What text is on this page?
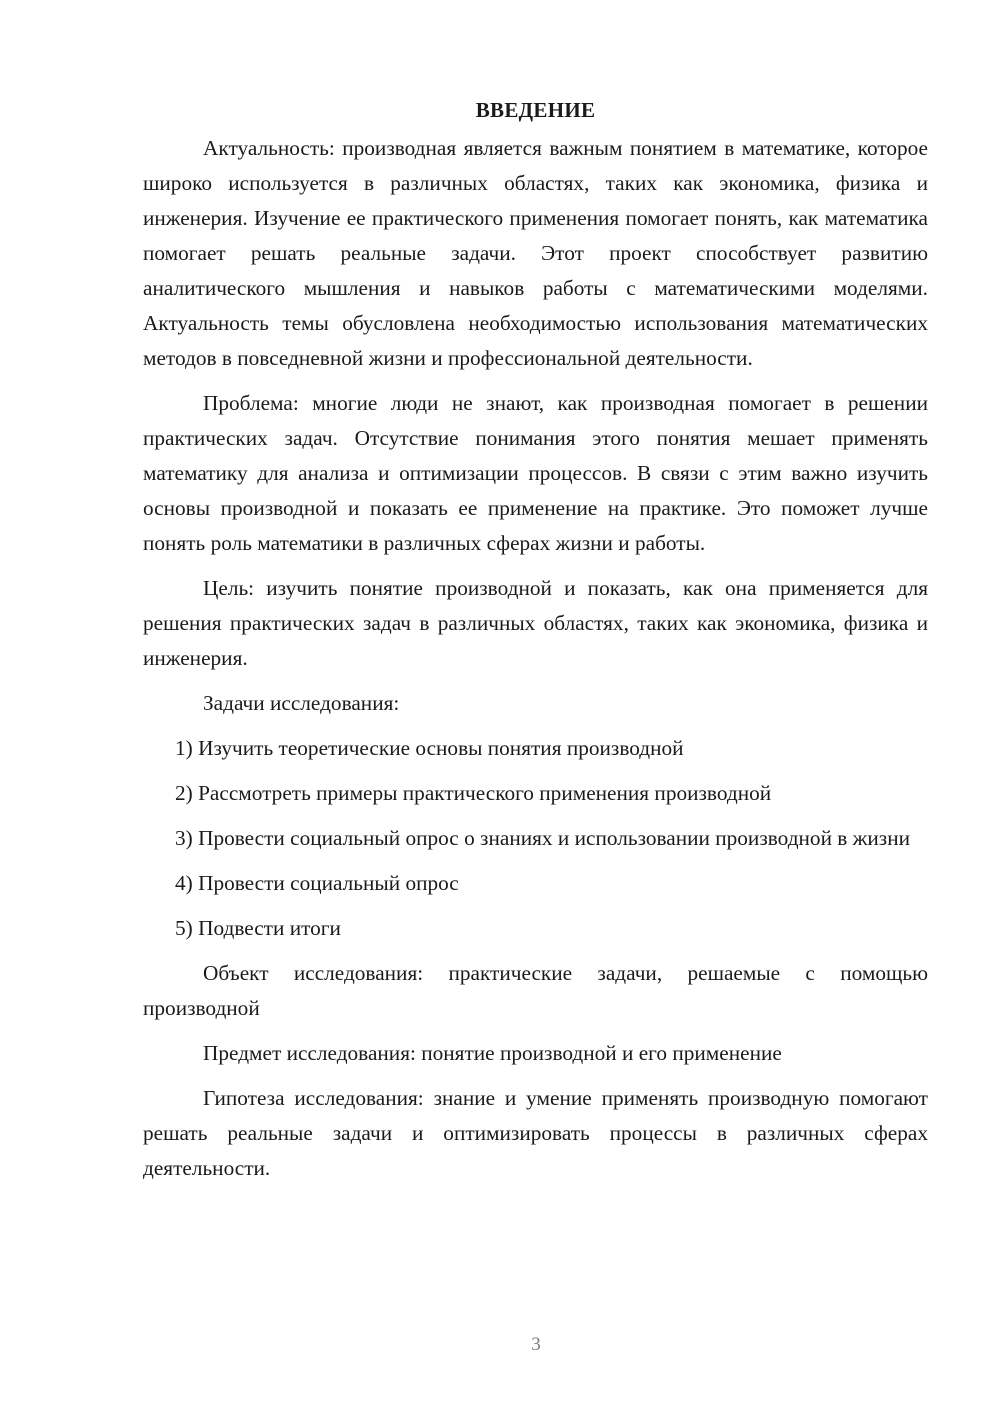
ВВЕДЕНИЕ

Актуальность: производная является важным понятием в математике, которое широко используется в различных областях, таких как экономика, физика и инженерия. Изучение ее практического применения помогает понять, как математика помогает решать реальные задачи. Этот проект способствует развитию аналитического мышления и навыков работы с математическими моделями. Актуальность темы обусловлена необходимостью использования математических методов в повседневной жизни и профессиональной деятельности.

Проблема: многие люди не знают, как производная помогает в решении практических задач. Отсутствие понимания этого понятия мешает применять математику для анализа и оптимизации процессов. В связи с этим важно изучить основы производной и показать ее применение на практике. Это поможет лучше понять роль математики в различных сферах жизни и работы.

Цель: изучить понятие производной и показать, как она применяется для решения практических задач в различных областях, таких как экономика, физика и инженерия.

Задачи исследования:

1) Изучить теоретические основы понятия производной

2) Рассмотреть примеры практического применения производной

3) Провести социальный опрос о знаниях и использовании производной в жизни

4) Провести социальный опрос

5) Подвести итоги

Объект исследования: практические задачи, решаемые с помощью производной

Предмет исследования: понятие производной и его применение

Гипотеза исследования: знание и умение применять производную помогают решать реальные задачи и оптимизировать процессы в различных сферах деятельности.

3
